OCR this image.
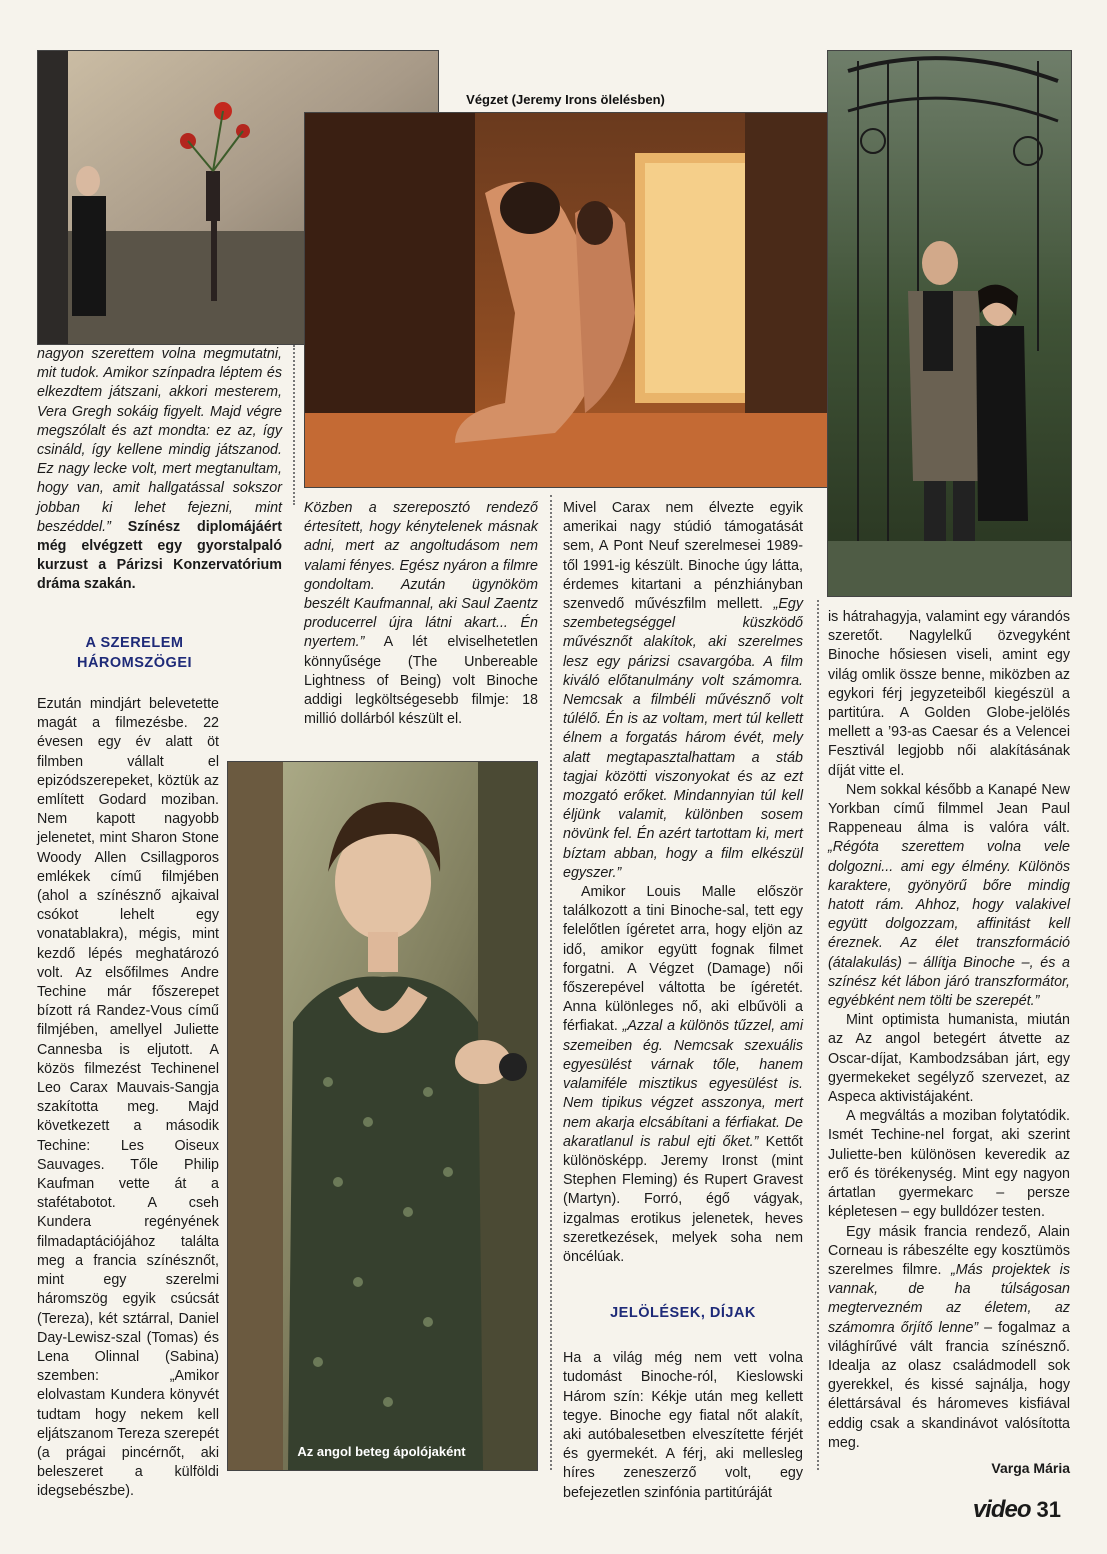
Végzet (Jeremy Irons ölelésben)
Az angol beteg ápolójaként

nagyon szerettem volna megmutatni, mit tudok. Amikor színpadra léptem és elkezdtem játszani, akkori mesterem, Vera Gregh sokáig figyelt. Majd végre megszólalt és azt mondta: ez az, így csináld, így kellene mindig játszanod. Ez nagy lecke volt, mert megtanultam, hogy van, amit hallgatással sokszor jobban ki lehet fejezni, mint beszéddel.” Színész diplomájáért még elvégzett egy gyorstalpaló kurzust a Párizsi Konzervatórium dráma szakán.

A SZERELEM HÁROMSZÖGEI

Ezután mindjárt belevetette magát a filmezésbe. 22 évesen egy év alatt öt filmben vállalt el epizódszerepeket, köztük az említett Godard moziban. Nem kapott nagyobb jelenetet, mint Sharon Stone Woody Allen Csillagporos emlékek című filmjében (ahol a színésznő ajkaival csókot lehelt egy vonatablakra), mégis, mint kezdő lépés meghatározó volt. Az elsőfilmes Andre Techine már főszerepet bízott rá Randez-Vous című filmjében, amellyel Juliette Cannesba is eljutott. A közös filmezést Techinenel Leo Carax Mauvais-Sangja szakította meg. Majd következett a második Techine: Les Oiseux Sauvages. Tőle Philip Kaufman vette át a stafétabotot. A cseh Kundera regényének filmadaptációjához találta meg a francia színésznőt, mint egy szerelmi háromszög egyik csúcsát (Tereza), két sztárral, Daniel Day-Lewisz-szal (Tomas) és Lena Olinnal (Sabina) szemben: „Amikor elolvastam Kundera könyvét tudtam hogy nekem kell eljátszanom Tereza szerepét (a prágai pincérnőt, aki beleszeret a külföldi idegsebészbe).

Közben a szereposztó rendező értesített, hogy kénytelenek másnak adni, mert az angoltudásom nem valami fényes. Egész nyáron a filmre gondoltam. Azután ügynököm beszélt Kaufmannal, aki Saul Zaentz producerrel újra látni akart... Én nyertem.” A lét elviselhetetlen könnyűsége (The Unbereable Lightness of Being) volt Binoche addigi legköltségesebb filmje: 18 millió dollárból készült el.

Mivel Carax nem élvezte egyik amerikai nagy stúdió támogatását sem, A Pont Neuf szerelmesei 1989-től 1991-ig készült. Binoche úgy látta, érdemes kitartani a pénzhiányban szenvedő művészfilm mellett. „Egy szembetegséggel küszködő művésznőt alakítok, aki szerelmes lesz egy párizsi csavargóba. A film kiváló előtanulmány volt számomra. Nemcsak a filmbéli művésznő volt túlélő. Én is az voltam, mert túl kellett élnem a forgatás három évét, mely alatt megtapasztalhattam a stáb tagjai közötti viszonyokat és az ezt mozgató erőket. Mindannyian túl kell éljünk valamit, különben sosem növünk fel. Én azért tartottam ki, mert bíztam abban, hogy a film elkészül egyszer.”

Amikor Louis Malle először találkozott a tini Binoche-sal, tett egy felelőtlen ígéretet arra, hogy eljön az idő, amikor együtt fognak filmet forgatni. A Végzet (Damage) női főszerepével váltotta be ígéretét. Anna különleges nő, aki elbűvöli a férfiakat. „Azzal a különös tűzzel, ami szemeiben ég. Nemcsak szexuális egyesülést várnak tőle, hanem valamiféle misztikus egyesülést is. Nem tipikus végzet asszonya, mert nem akarja elcsábítani a férfiakat. De akaratlanul is rabul ejti őket.” Kettőt különösképp. Jeremy Ironst (mint Stephen Fleming) és Rupert Gravest (Martyn). Forró, égő vágyak, izgalmas erotikus jelenetek, heves szeretkezések, melyek soha nem öncélúak.

JELÖLÉSEK, DÍJAK

Ha a világ még nem vett volna tudomást Binoche-ról, Kieslowski Három szín: Kékje után meg kellett tegye. Binoche egy fiatal nőt alakít, aki autóbalesetben elveszítette férjét és gyermekét. A férj, aki mellesleg híres zeneszerző volt, egy befejezetlen szinfónia partitúráját

is hátrahagyja, valamint egy várandós szeretőt. Nagylelkű özvegyként Binoche hősiesen viseli, amint egy világ omlik össze benne, miközben az egykori férj jegyzeteiből kiegészül a partitúra. A Golden Globe-jelölés mellett a ’93-as Caesar és a Velencei Fesztivál legjobb női alakításának díját vitte el.

Nem sokkal később a Kanapé New Yorkban című filmmel Jean Paul Rappeneau álma is valóra vált. „Régóta szerettem volna vele dolgozni... ami egy élmény. Különös karaktere, gyönyörű bőre mindig hatott rám. Ahhoz, hogy valakivel együtt dolgozzam, affinitást kell éreznek. Az élet transzformáció (átalakulás) – állítja Binoche –, és a színész két lábon járó transzformátor, egyébként nem tölti be szerepét.”

Mint optimista humanista, miután az Az angol betegért átvette az Oscar-díjat, Kambodzsában járt, egy gyermekeket segélyző szervezet, az Aspeca aktivistájaként.

A megváltás a moziban folytatódik. Ismét Techine-nel forgat, aki szerint Juliette-ben különösen keveredik az erő és törékenység. Mint egy nagyon ártatlan gyermekarc – persze képletesen – egy bulldózer testen.

Egy másik francia rendező, Alain Corneau is rábeszélte egy kosztümös szerelmes filmre. „Más projektek is vannak, de ha túlságosan megtervezném az életem, az számomra őrjítő lenne” – fogalmaz a világhírűvé vált francia színésznő. Idealja az olasz családmodell sok gyerekkel, és kissé sajnálja, hogy élettársával és háromeves kisfiával eddig csak a skandinávot valósította meg.

Varga Mária
video 31
